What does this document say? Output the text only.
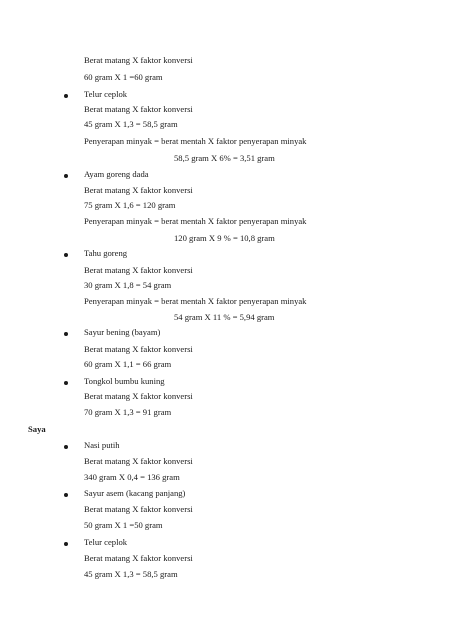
Berat matang X faktor konversi
60 gram X 1 =60 gram
Telur ceplok
Berat matang X faktor konversi
45 gram X 1,3 = 58,5 gram
Penyerapan minyak = berat mentah X faktor penyerapan minyak
58,5 gram X 6% = 3,51 gram
Ayam goreng dada
Berat matang X faktor konversi
75 gram X 1,6 = 120 gram
Penyerapan minyak = berat mentah X faktor penyerapan minyak
120 gram X 9 % = 10,8 gram
Tahu goreng
Berat matang X faktor konversi
30 gram X 1,8 = 54 gram
Penyerapan minyak = berat mentah X faktor penyerapan minyak
54 gram X 11 % = 5,94 gram
Sayur bening (bayam)
Berat matang X faktor konversi
60 gram X 1,1 = 66 gram
Tongkol bumbu kuning
Berat matang X faktor konversi
70 gram X 1,3 = 91 gram
Saya
Nasi putih
Berat matang X faktor konversi
340 gram X 0,4 = 136 gram
Sayur asem (kacang panjang)
Berat matang X faktor konversi
50 gram X 1 =50 gram
Telur ceplok
Berat matang X faktor konversi
45 gram X 1,3 = 58,5 gram
